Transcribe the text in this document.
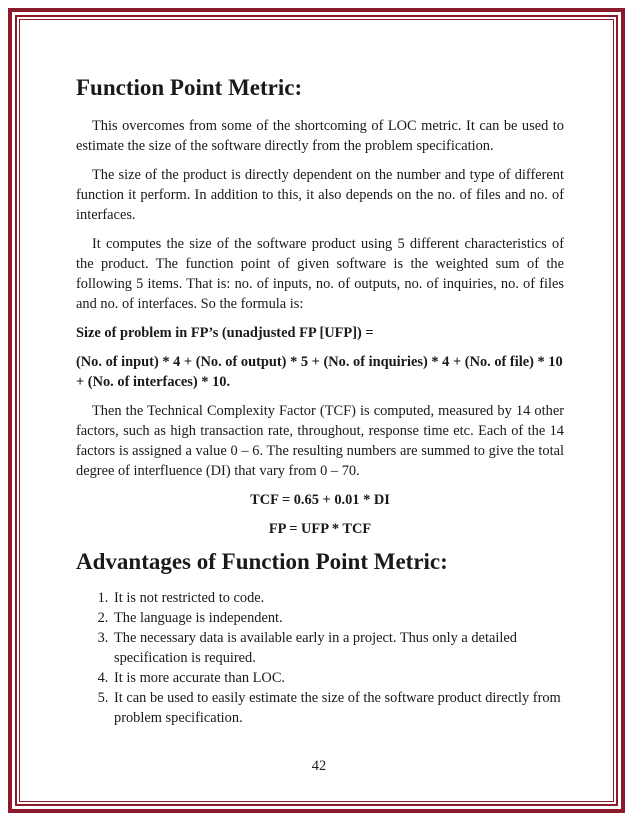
Function Point Metric:

This overcomes from some of the shortcoming of LOC metric. It can be used to estimate the size of the software directly from the problem specification.

The size of the product is directly dependent on the number and type of different function it perform. In addition to this, it also depends on the no. of files and no. of interfaces.

It computes the size of the software product using 5 different characteristics of the product. The function point of given software is the weighted sum of the following 5 items. That is: no. of inputs, no. of outputs, no. of inquiries, no. of files and no. of interfaces. So the formula is:

Size of problem in FP’s (unadjusted FP [UFP]) =

(No. of input) * 4 + (No. of output) * 5 + (No. of inquiries) * 4 + (No. of file) * 10 + (No. of interfaces) * 10.

Then the Technical Complexity Factor (TCF) is computed, measured by 14 other factors, such as high transaction rate, throughout, response time etc. Each of the 14 factors is assigned a value 0 – 6. The resulting numbers are summed to give the total degree of interfluence (DI) that vary from 0 – 70.

TCF = 0.65 + 0.01 * DI

FP = UFP * TCF

Advantages of Function Point Metric:
1. It is not restricted to code.
2. The language is independent.
3. The necessary data is available early in a project. Thus only a detailed specification is required.
4. It is more accurate than LOC.
5. It can be used to easily estimate the size of the software product directly from problem specification.
42
